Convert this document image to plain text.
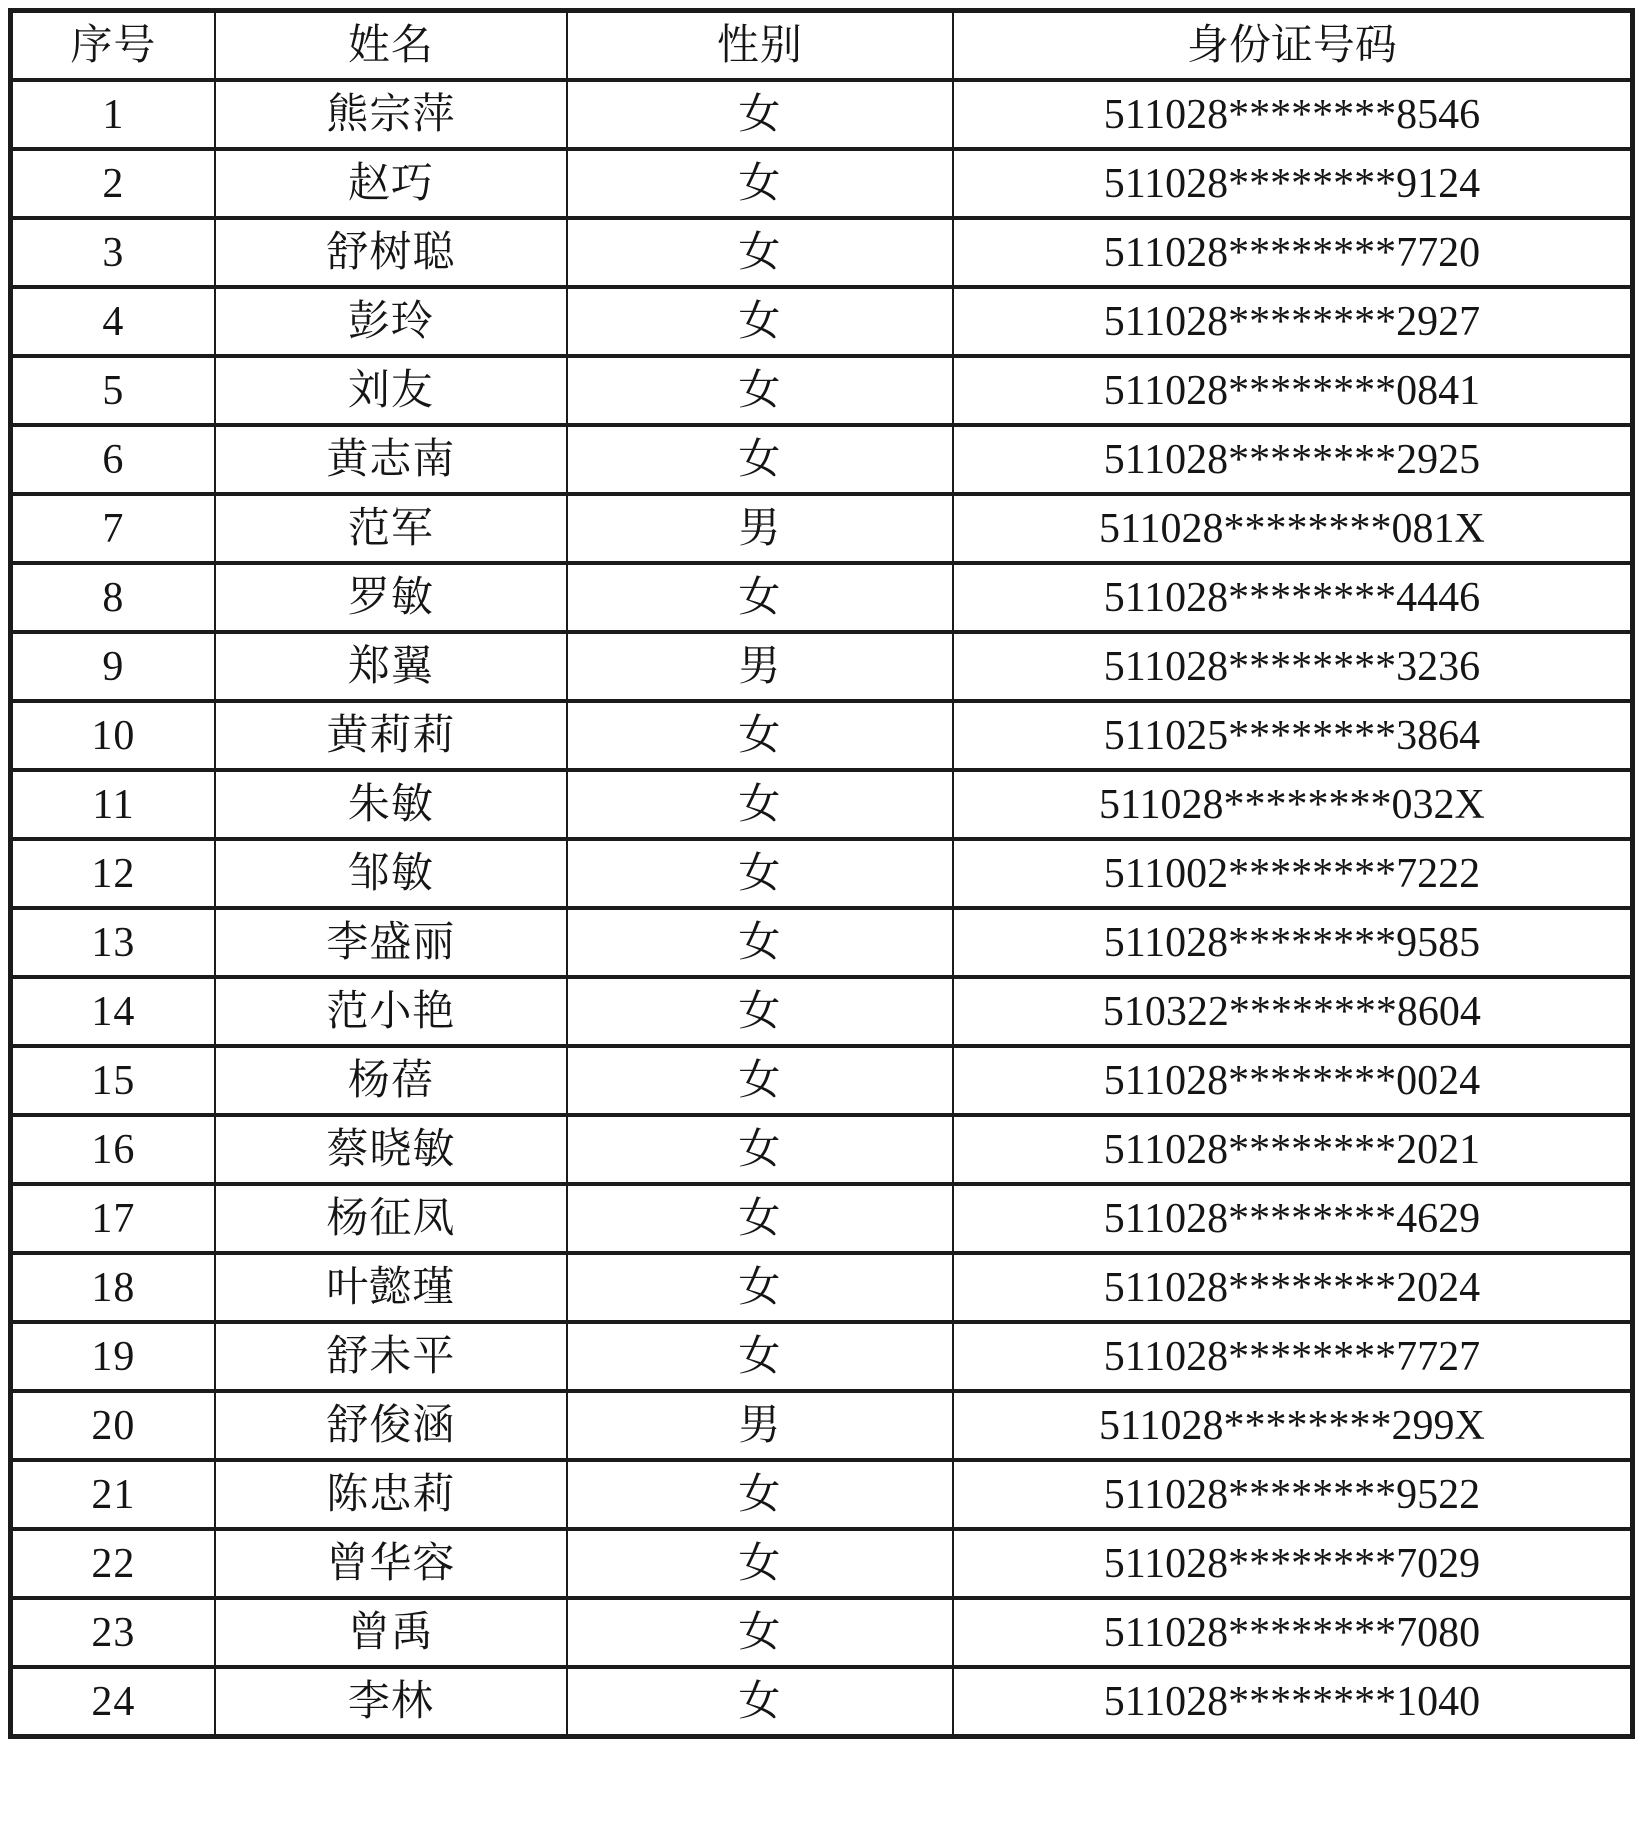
序号	姓名	性别	身份证号码
1	熊宗萍	女	511028********8546
2	赵巧	女	511028********9124
3	舒树聪	女	511028********7720
4	彭玲	女	511028********2927
5	刘友	女	511028********0841
6	黄志南	女	511028********2925
7	范军	男	511028********081X
8	罗敏	女	511028********4446
9	郑翼	男	511028********3236
10	黄莉莉	女	511025********3864
11	朱敏	女	511028********032X
12	邹敏	女	511002********7222
13	李盛丽	女	511028********9585
14	范小艳	女	510322********8604
15	杨蓓	女	511028********0024
16	蔡晓敏	女	511028********2021
17	杨征凤	女	511028********4629
18	叶懿瑾	女	511028********2024
19	舒未平	女	511028********7727
20	舒俊涵	男	511028********299X
21	陈忠莉	女	511028********9522
22	曾华容	女	511028********7029
23	曾禹	女	511028********7080
24	李林	女	511028********1040
